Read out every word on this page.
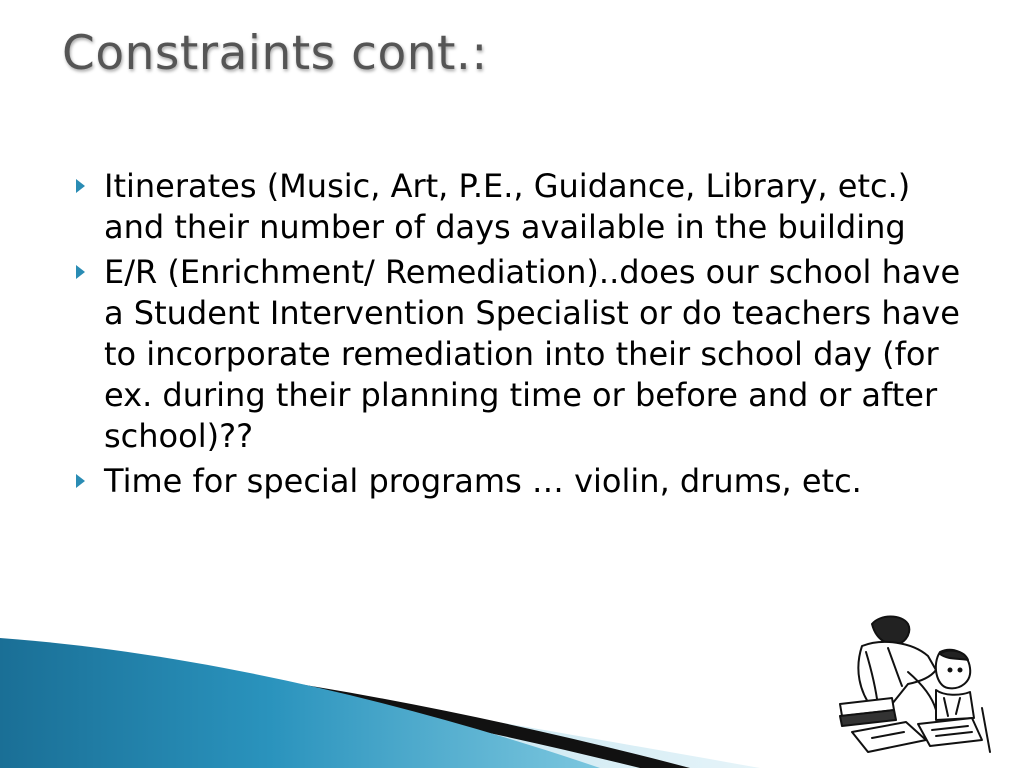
Constraints cont.:
Itinerates (Music, Art, P.E., Guidance, Library, etc.) and their number of days available in the building
E/R (Enrichment/ Remediation)..does our school have a Student Intervention Specialist or do teachers have to incorporate remediation into their school day (for ex. during their planning time or before and or after school)??
Time for special programs … violin, drums, etc.
